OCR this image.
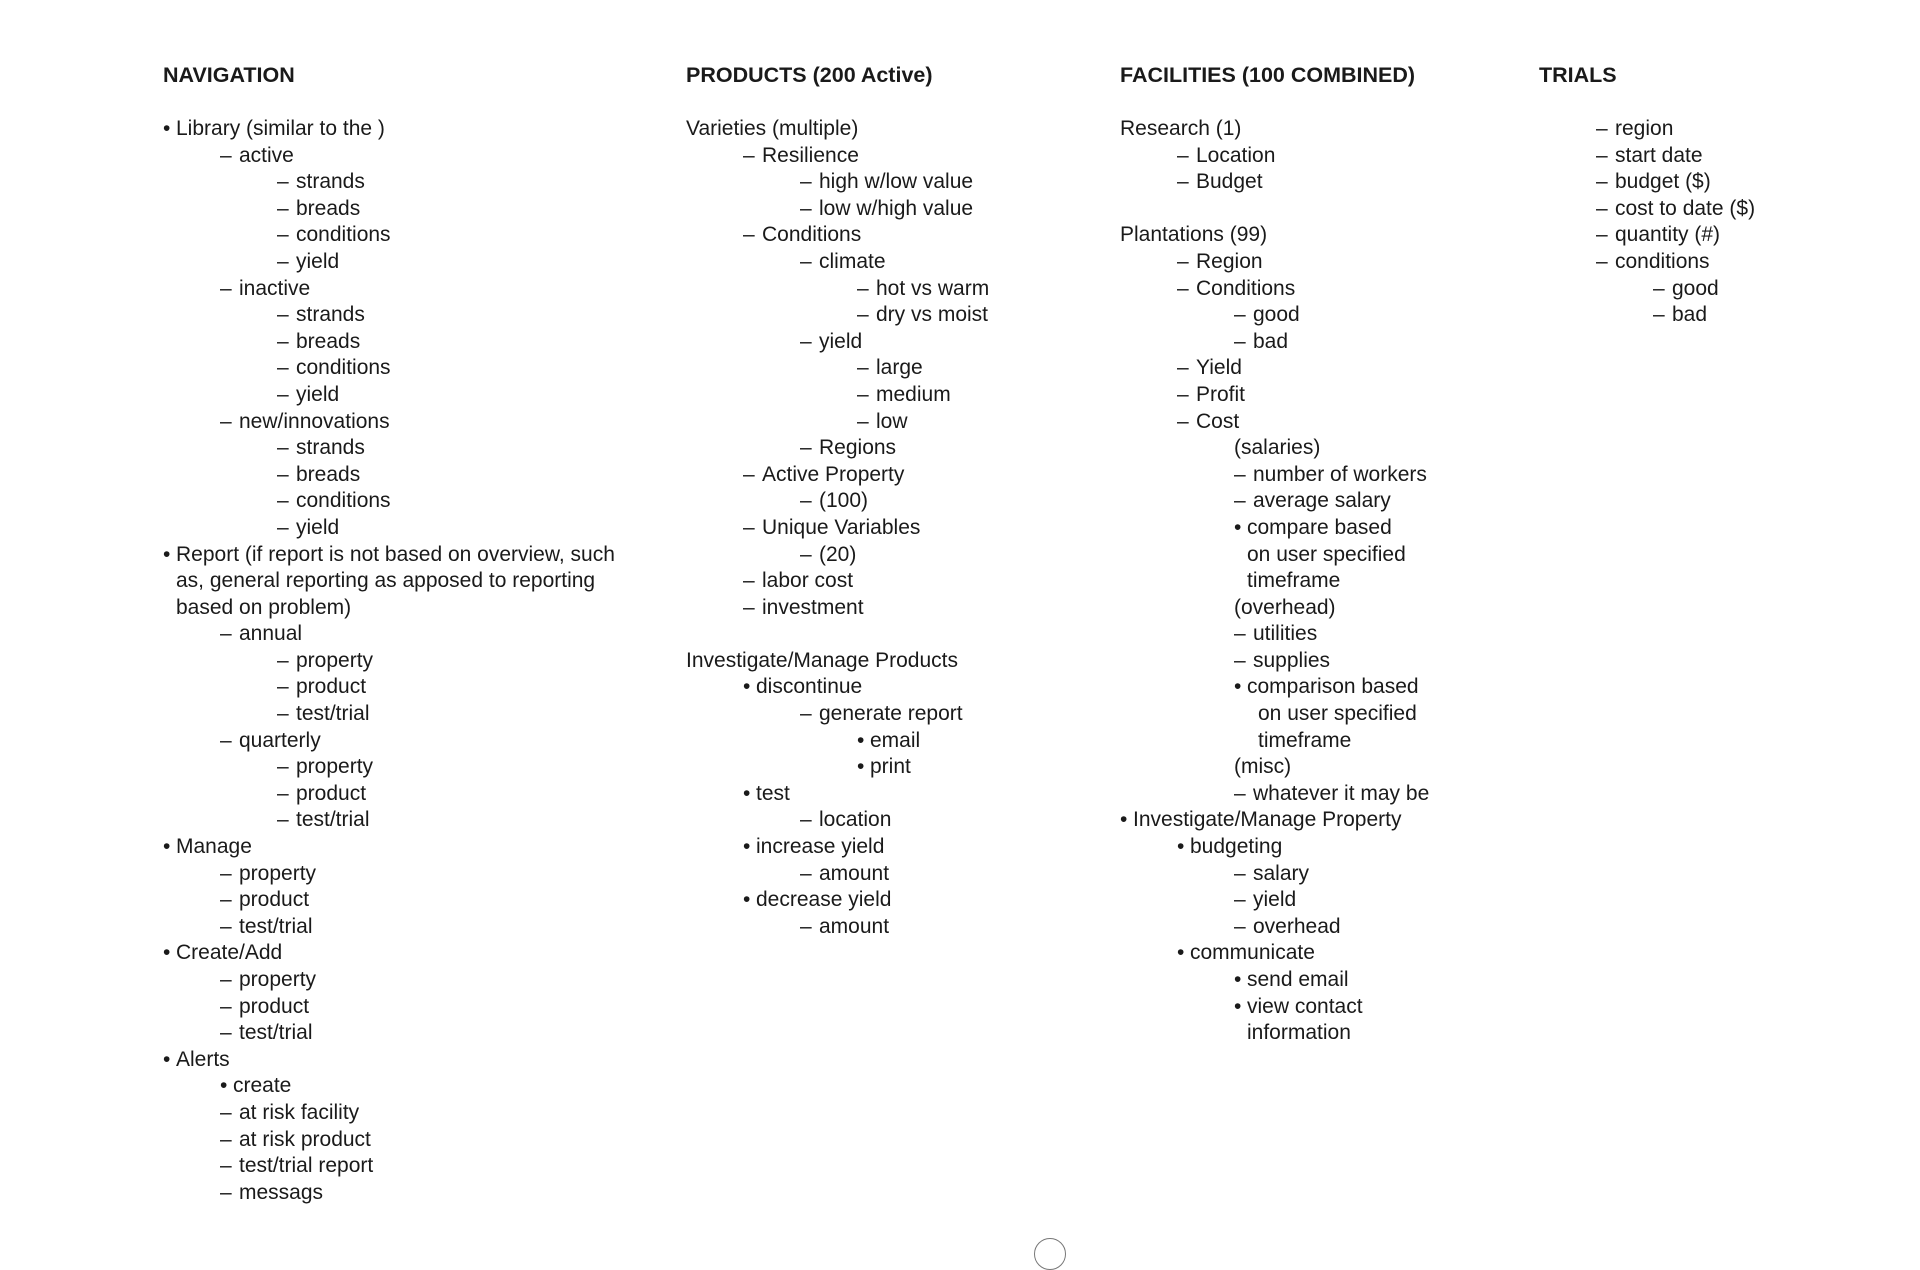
NAVIGATION
• Library (similar to the )
– active
– strands
– breads
– conditions
– yield
– inactive
– strands
– breads
– conditions
– yield
– new/innovations
– strands
– breads
– conditions
– yield
• Report (if report is not based on overview, such
as, general reporting as apposed to reporting
based on problem)
– annual
– property
– product
– test/trial
– quarterly
– property
– product
– test/trial
• Manage
– property
– product
– test/trial
• Create/Add
– property
– product
– test/trial
• Alerts
• create
– at risk facility
– at risk product
– test/trial report
– messags
PRODUCTS (200 Active)
Varieties (multiple)
– Resilience
– high w/low value
– low w/high value
– Conditions
– climate
– hot vs warm
– dry vs moist
– yield
– large
– medium
– low
– Regions
– Active Property
– (100)
– Unique Variables
– (20)
– labor cost
– investment
Investigate/Manage Products
• discontinue
– generate report
• email
• print
• test
– location
• increase yield
– amount
• decrease yield
– amount
FACILITIES (100 COMBINED)
Research (1)
– Location
– Budget
Plantations (99)
– Region
– Conditions
– good
– bad
– Yield
– Profit
– Cost
(salaries)
– number of workers
– average salary
• compare based
on user specified
timeframe
(overhead)
– utilities
– supplies
• comparison based
on user specified
timeframe
(misc)
– whatever it may be
• Investigate/Manage Property
• budgeting
– salary
– yield
– overhead
• communicate
• send email
• view contact
information
TRIALS
– region
– start date
– budget ($)
– cost to date ($)
– quantity (#)
– conditions
– good
– bad
